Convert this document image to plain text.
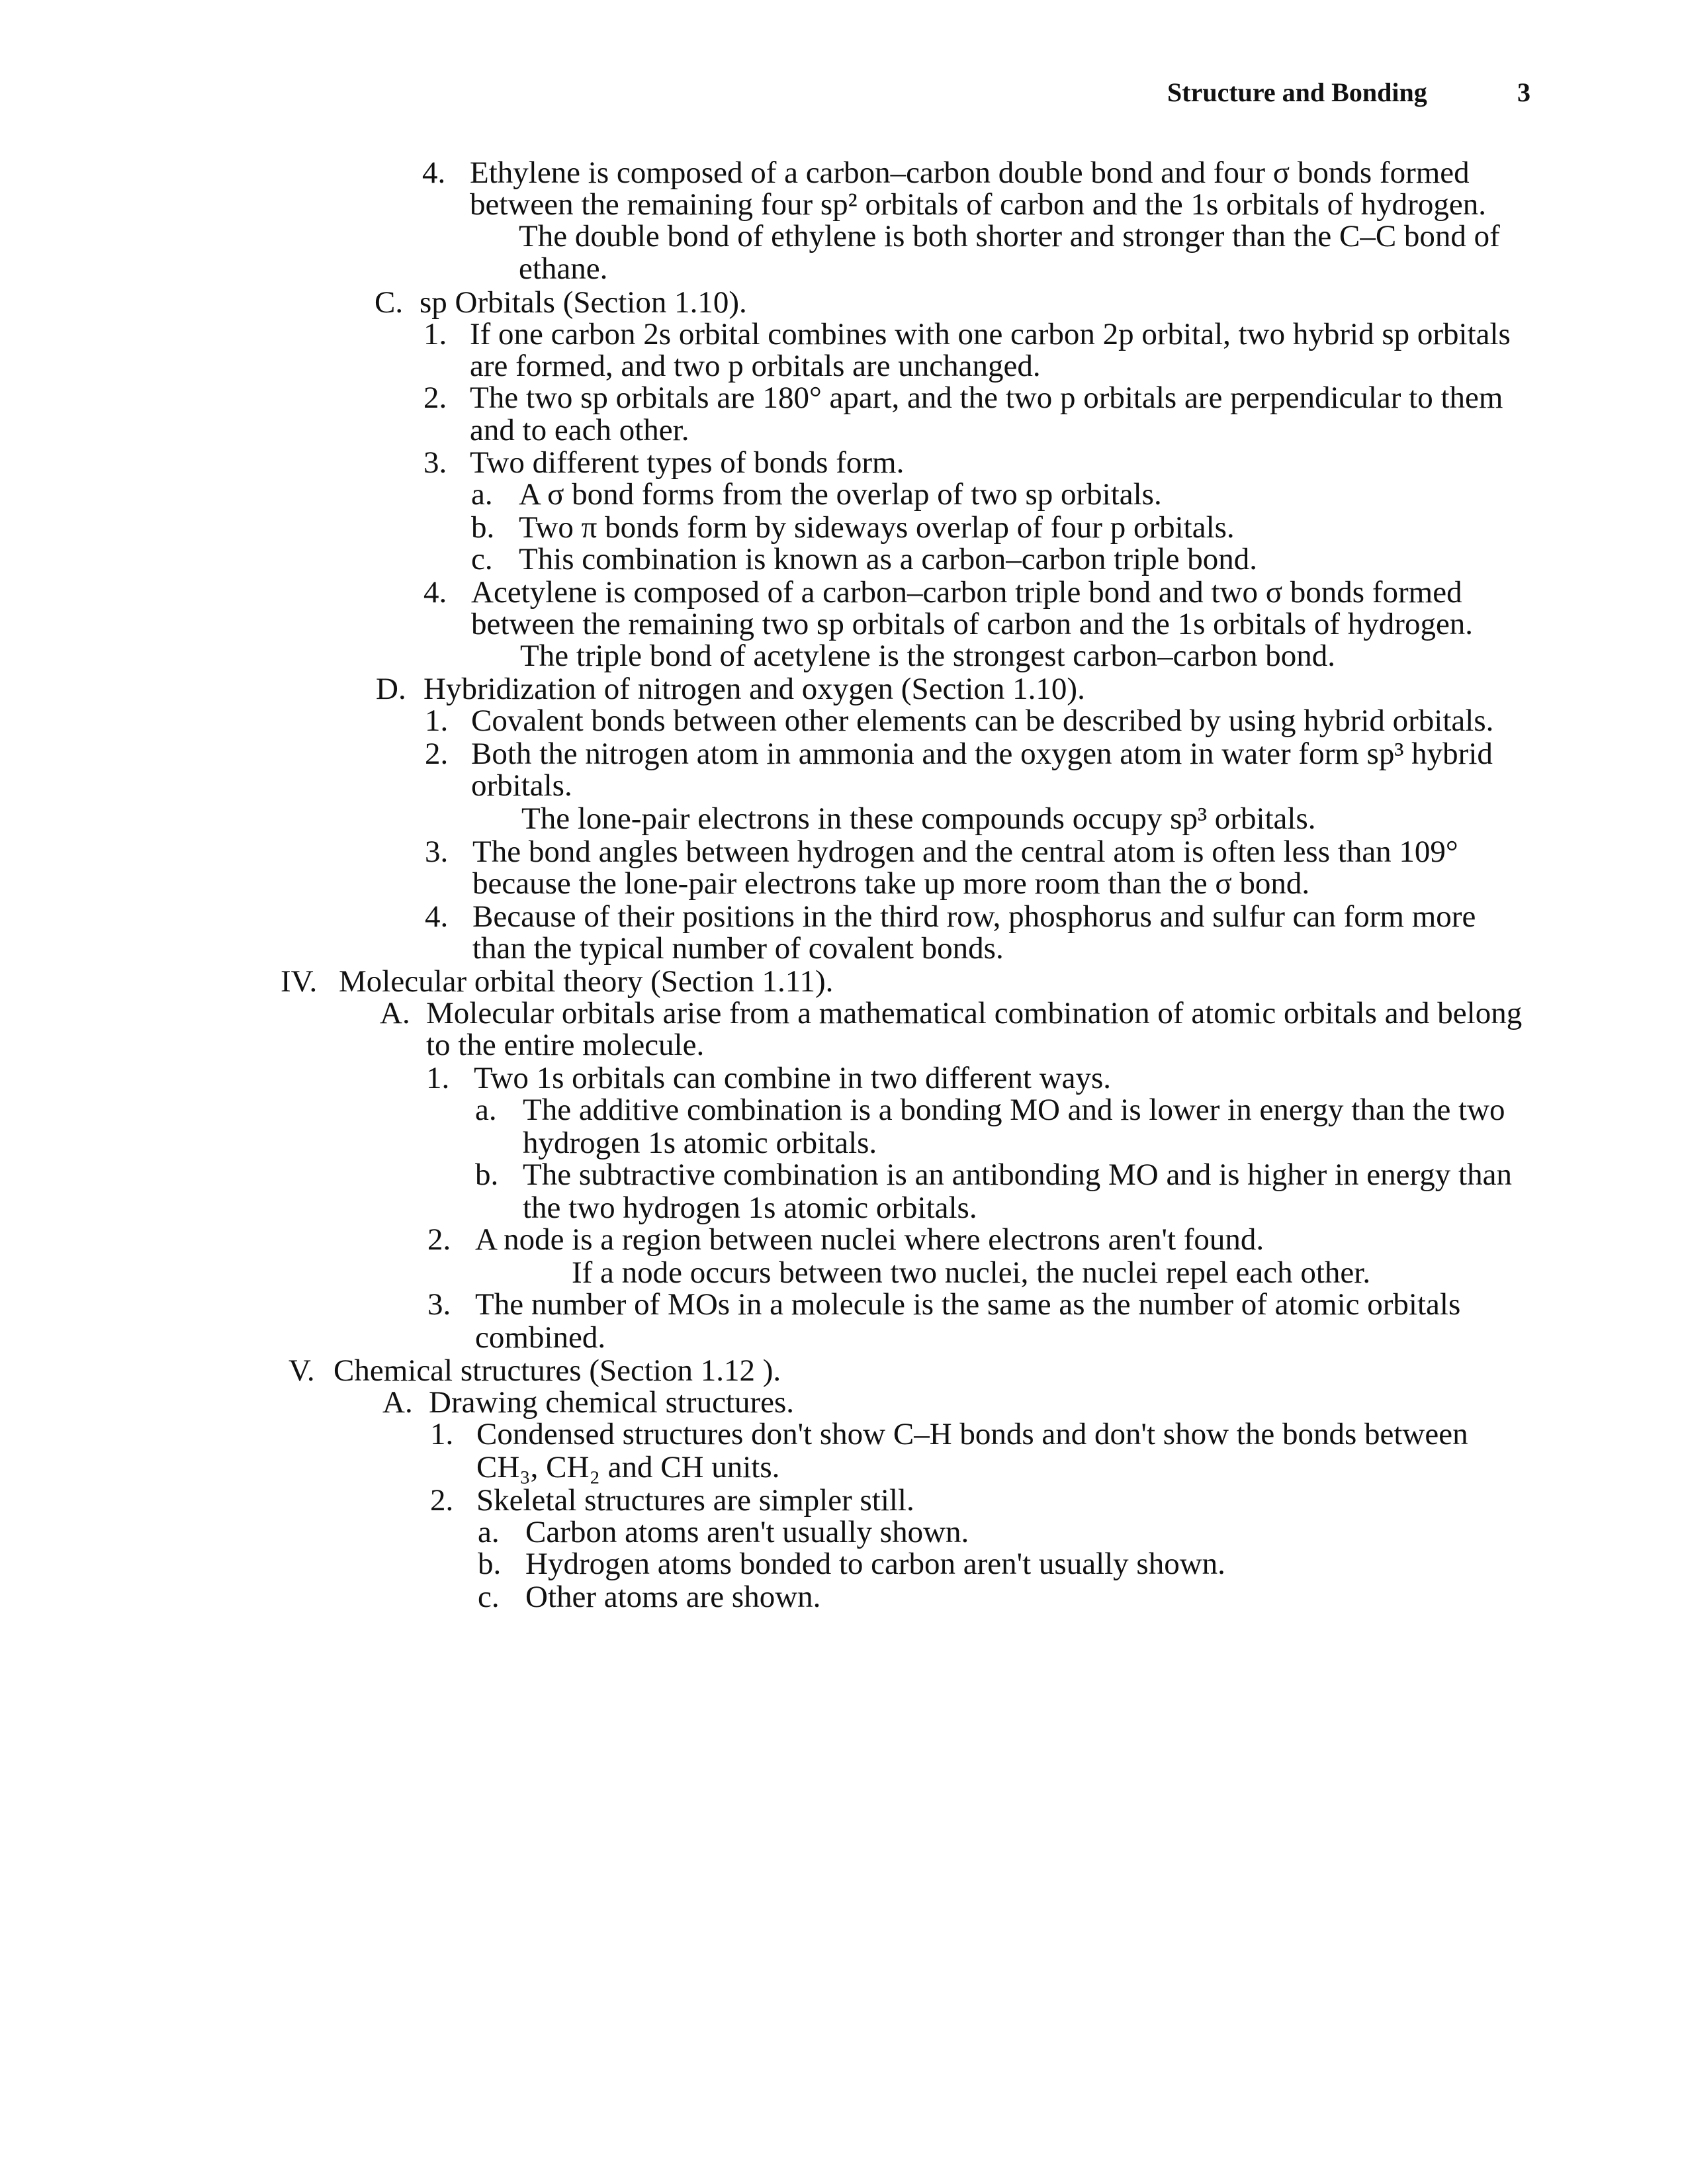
Structure and Bonding	3
4. Ethylene is composed of a carbon–carbon double bond and four σ bonds formed
between the remaining four sp² orbitals of carbon and the 1s orbitals of hydrogen.
The double bond of ethylene is both shorter and stronger than the C–C bond of
ethane.
C. sp Orbitals (Section 1.10).
1. If one carbon 2s orbital combines with one carbon 2p orbital, two hybrid sp orbitals
are formed, and two p orbitals are unchanged.
2. The two sp orbitals are 180° apart, and the two p orbitals are perpendicular to them
and to each other.
3. Two different types of bonds form.
a. A σ bond forms from the overlap of two sp orbitals.
b. Two π bonds form by sideways overlap of four p orbitals.
c. This combination is known as a carbon–carbon triple bond.
4. Acetylene is composed of a carbon–carbon triple bond and two σ bonds formed
between the remaining two sp orbitals of carbon and the 1s orbitals of hydrogen.
The triple bond of acetylene is the strongest carbon–carbon bond.
D. Hybridization of nitrogen and oxygen (Section 1.10).
1. Covalent bonds between other elements can be described by using hybrid orbitals.
2. Both the nitrogen atom in ammonia and the oxygen atom in water form sp³ hybrid
orbitals.
The lone-pair electrons in these compounds occupy sp³ orbitals.
3. The bond angles between hydrogen and the central atom is often less than 109°
because the lone-pair electrons take up more room than the σ bond.
4. Because of their positions in the third row, phosphorus and sulfur can form more
than the typical number of covalent bonds.
IV. Molecular orbital theory (Section 1.11).
A. Molecular orbitals arise from a mathematical combination of atomic orbitals and belong
to the entire molecule.
1. Two 1s orbitals can combine in two different ways.
a. The additive combination is a bonding MO and is lower in energy than the two
hydrogen 1s atomic orbitals.
b. The subtractive combination is an antibonding MO and is higher in energy than
the two hydrogen 1s atomic orbitals.
2. A node is a region between nuclei where electrons aren't found.
If a node occurs between two nuclei, the nuclei repel each other.
3. The number of MOs in a molecule is the same as the number of atomic orbitals
combined.
V. Chemical structures (Section 1.12 ).
A. Drawing chemical structures.
1. Condensed structures don't show C–H bonds and don't show the bonds between
CH₃, CH₂ and CH units.
2. Skeletal structures are simpler still.
a. Carbon atoms aren't usually shown.
b. Hydrogen atoms bonded to carbon aren't usually shown.
c. Other atoms are shown.
